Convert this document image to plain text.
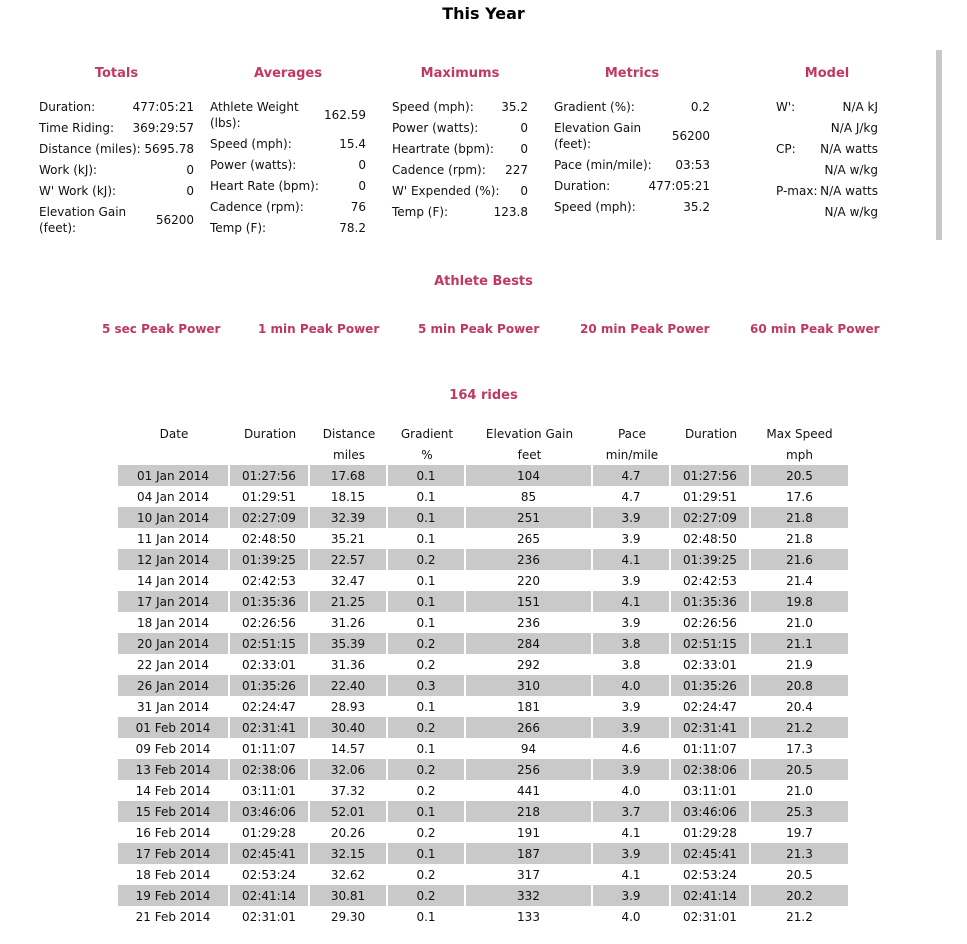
This Year
Totals
Duration:	477:05:21
Time Riding: 369:29:57
Distance (miles): 5695.78
Work (kJ):	0
W' Work (kJ):	0
Elevation Gain (feet):
56200
Averages
Athlete Weight (lbs):
162.59
Speed (mph):	15.4
Power (watts):	0
Heart Rate (bpm):	0
Cadence (rpm):	76
Temp (F):	78.2
Maximums
Speed (mph): 35.2
Power (watts):	0
Heartrate (bpm): 0
Cadence (rpm): 227
W' Expended (%): 0
Temp (F):	123.8
Metrics
Gradient (%):	0.2
Elevation Gain (feet):
56200
Pace (min/mile): 03:53
Duration:	477:05:21
Speed (mph):	35.2
Model
W':	N/A kJ
N/A J/kg
CP: N/A watts
N/A w/kg
P-max: N/A watts
N/A w/kg
Athlete Bests
5 sec Peak Power	1 min Peak Power	5 min Peak Power	20 min Peak Power	60 min Peak Power
164 rides
Date	Duration	Distance	Gradient	Elevation Gain	Pace	Duration	Max Speed
		miles	%	feet	min/mile		mph
01 Jan 2014	01:27:56	17.68	0.1	104	4.7	01:27:56	20.5
04 Jan 2014	01:29:51	18.15	0.1	85	4.7	01:29:51	17.6
10 Jan 2014	02:27:09	32.39	0.1	251	3.9	02:27:09	21.8
11 Jan 2014	02:48:50	35.21	0.1	265	3.9	02:48:50	21.8
12 Jan 2014	01:39:25	22.57	0.2	236	4.1	01:39:25	21.6
14 Jan 2014	02:42:53	32.47	0.1	220	3.9	02:42:53	21.4
17 Jan 2014	01:35:36	21.25	0.1	151	4.1	01:35:36	19.8
18 Jan 2014	02:26:56	31.26	0.1	236	3.9	02:26:56	21.0
20 Jan 2014	02:51:15	35.39	0.2	284	3.8	02:51:15	21.1
22 Jan 2014	02:33:01	31.36	0.2	292	3.8	02:33:01	21.9
26 Jan 2014	01:35:26	22.40	0.3	310	4.0	01:35:26	20.8
31 Jan 2014	02:24:47	28.93	0.1	181	3.9	02:24:47	20.4
01 Feb 2014	02:31:41	30.40	0.2	266	3.9	02:31:41	21.2
09 Feb 2014	01:11:07	14.57	0.1	94	4.6	01:11:07	17.3
13 Feb 2014	02:38:06	32.06	0.2	256	3.9	02:38:06	20.5
14 Feb 2014	03:11:01	37.32	0.2	441	4.0	03:11:01	21.0
15 Feb 2014	03:46:06	52.01	0.1	218	3.7	03:46:06	25.3
16 Feb 2014	01:29:28	20.26	0.2	191	4.1	01:29:28	19.7
17 Feb 2014	02:45:41	32.15	0.1	187	3.9	02:45:41	21.3
18 Feb 2014	02:53:24	32.62	0.2	317	4.1	02:53:24	20.5
19 Feb 2014	02:41:14	30.81	0.2	332	3.9	02:41:14	20.2
21 Feb 2014	02:31:01	29.30	0.1	133	4.0	02:31:01	21.2
